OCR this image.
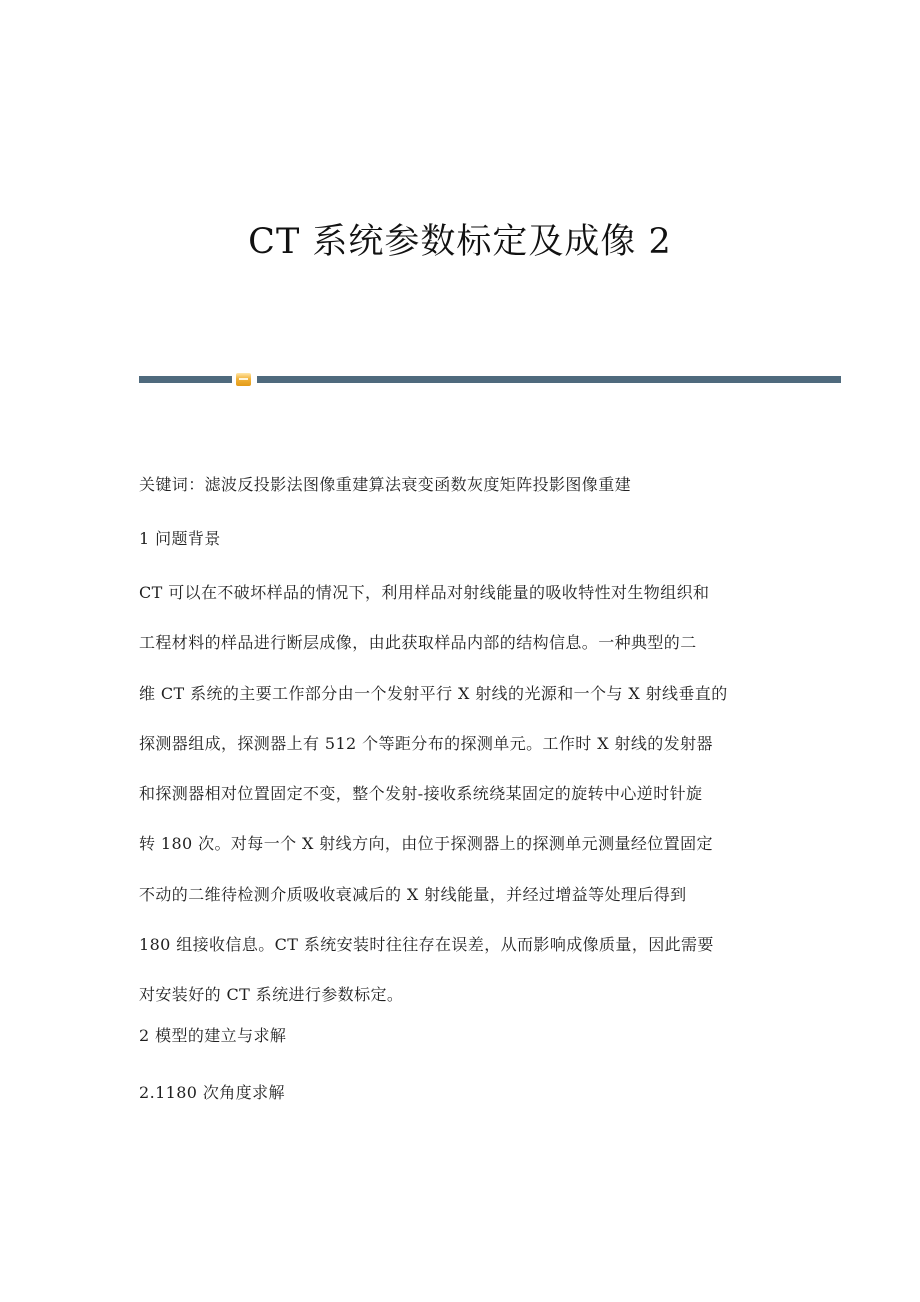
CT 系统参数标定及成像 2
关键词：滤波反投影法图像重建算法衰变函数灰度矩阵投影图像重建
1 问题背景
CT 可以在不破坏样品的情况下，利用样品对射线能量的吸收特性对生物组织和
工程材料的样品进行断层成像，由此获取样品内部的结构信息。一种典型的二
维 CT 系统的主要工作部分由一个发射平行 X 射线的光源和一个与 X 射线垂直的
探测器组成，探测器上有 512 个等距分布的探测单元。工作时 X 射线的发射器
和探测器相对位置固定不变，整个发射-接收系统绕某固定的旋转中心逆时针旋
转 180 次。对每一个 X 射线方向，由位于探测器上的探测单元测量经位置固定
不动的二维待检测介质吸收衰减后的 X 射线能量，并经过增益等处理后得到
180 组接收信息。CT 系统安装时往往存在误差，从而影响成像质量，因此需要
对安装好的 CT 系统进行参数标定。
2 模型的建立与求解
2.1180 次角度求解
